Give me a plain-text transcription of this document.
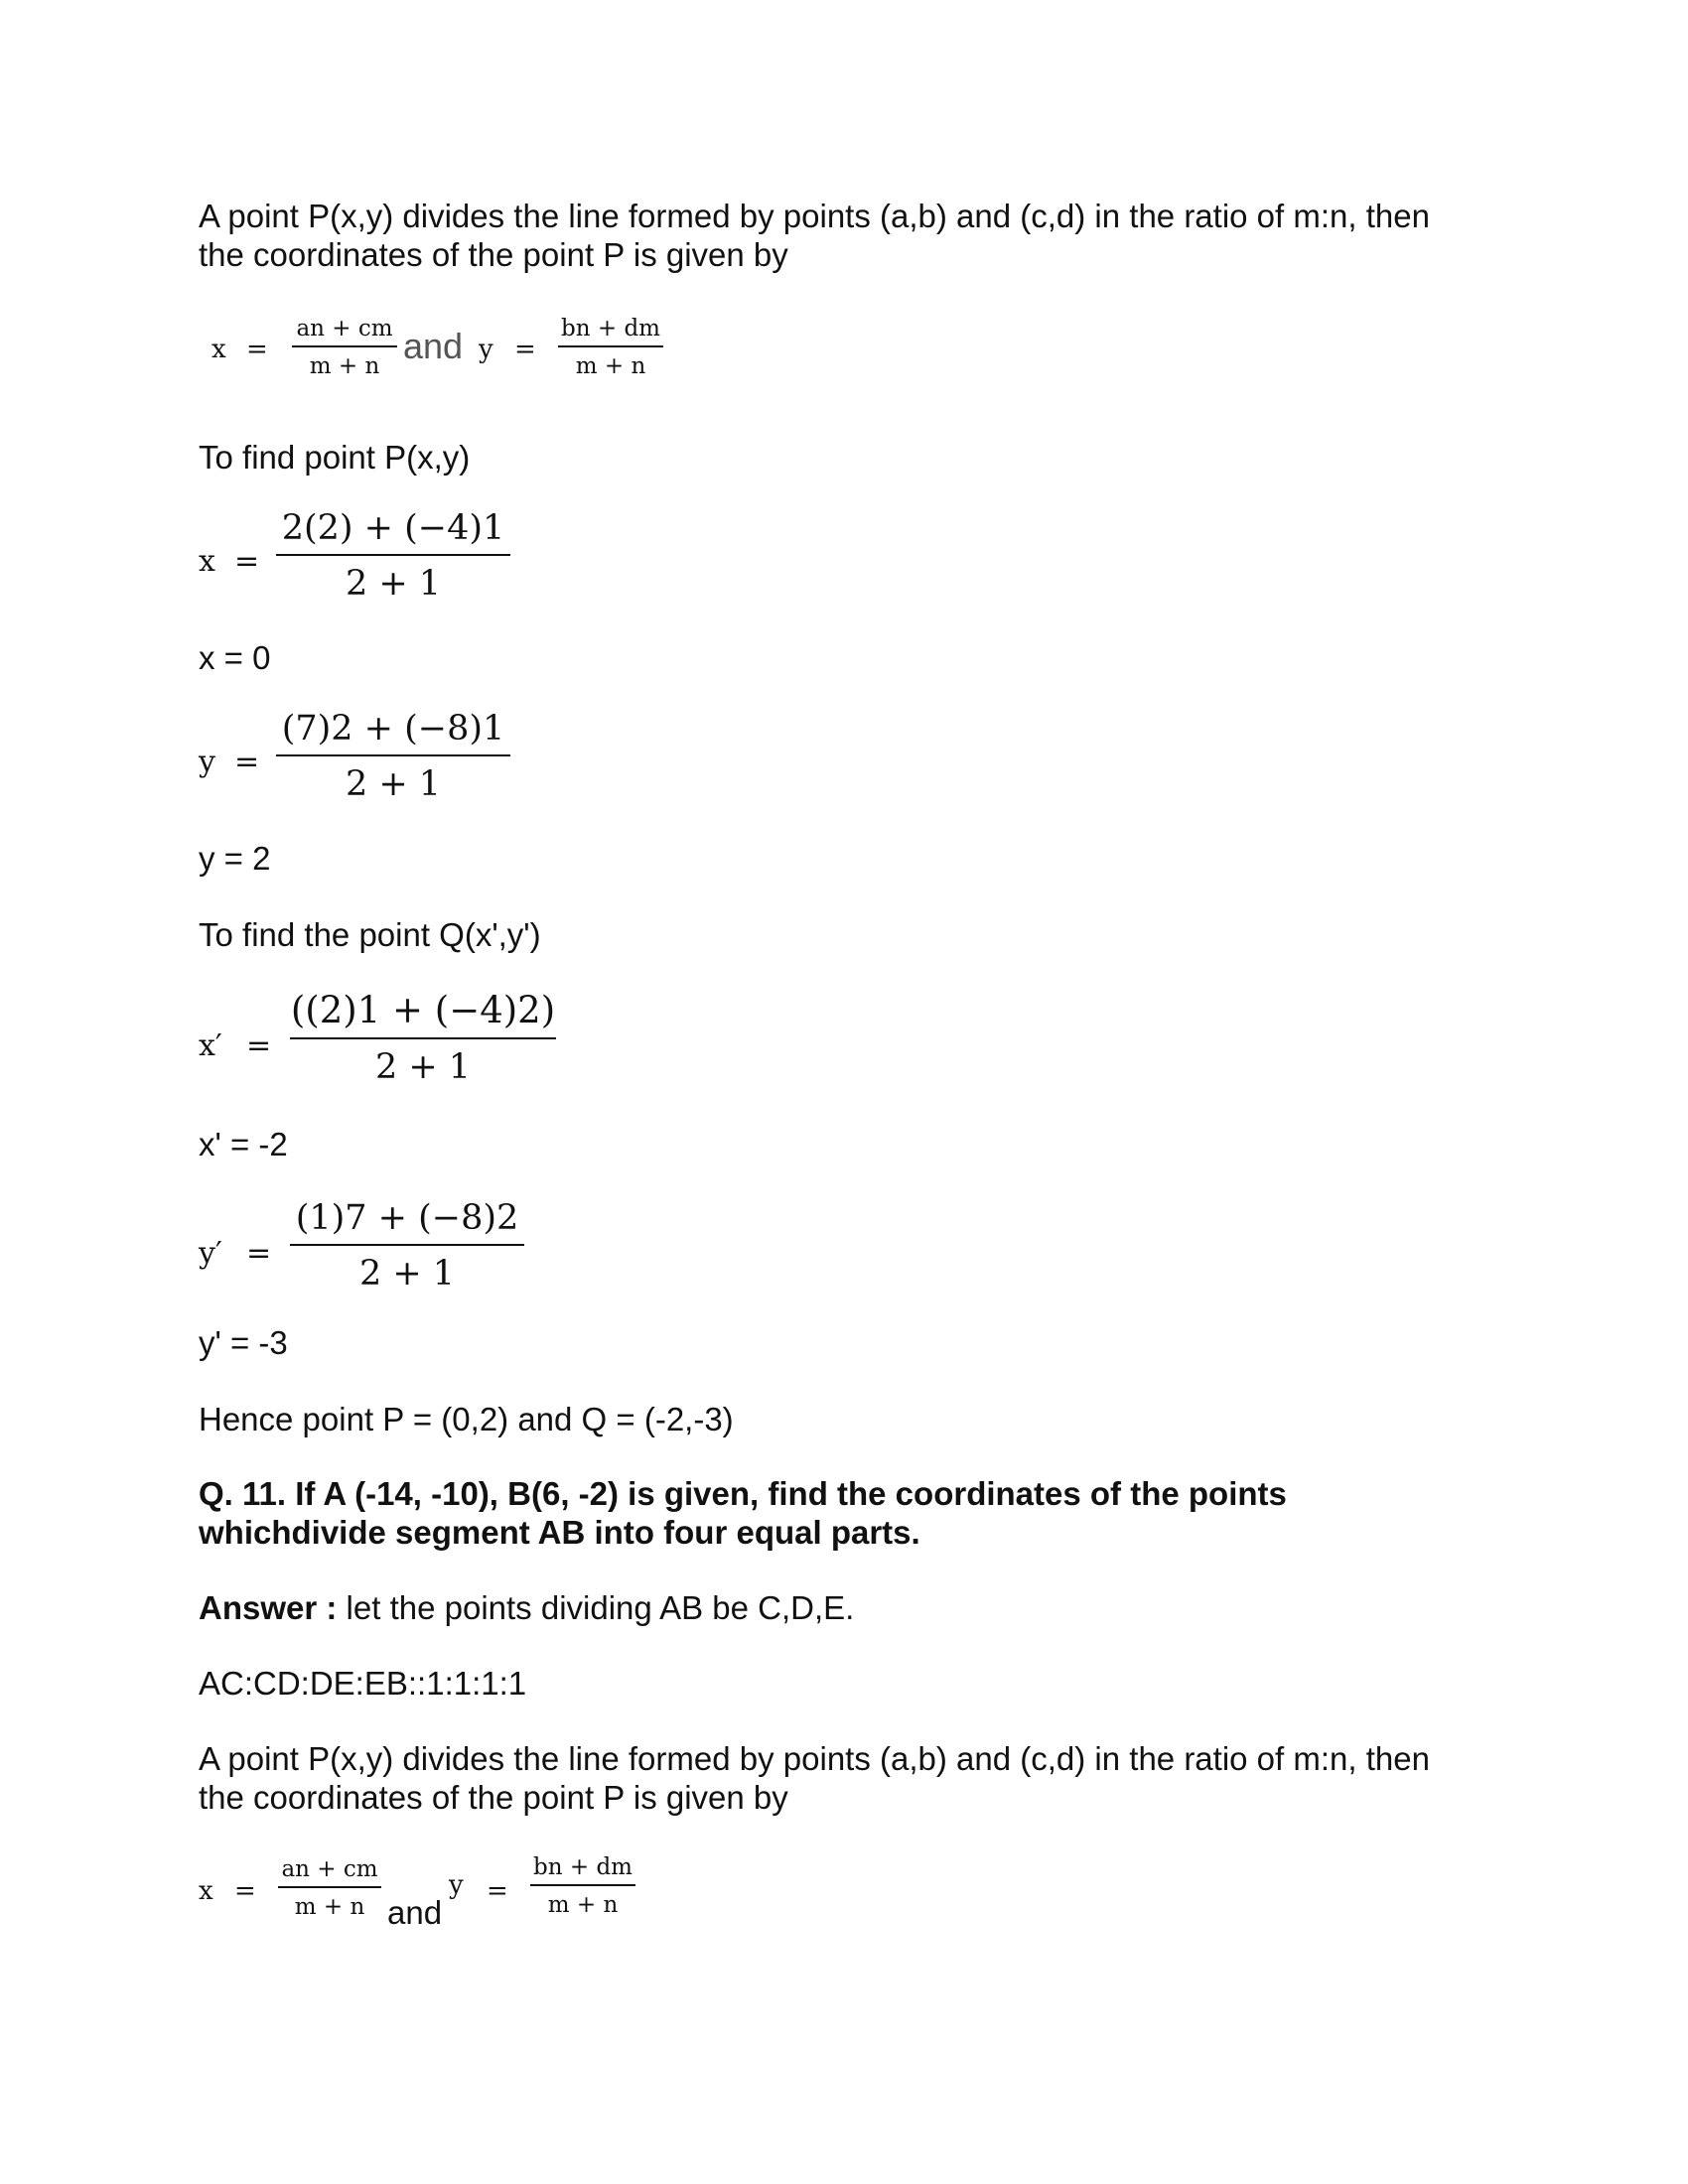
A point P(x,y) divides the line formed by points (a,b) and (c,d) in the ratio of m:n, then
the coordinates of the point P is given by
x =
an + cm
m + n and y =
bn + dm
m + n
To find point P(x,y)
x =
2(2) + (−4)1
2 + 1
x = 0
y =
(7)2 + (−8)1
2 + 1
y = 2
To find the point Q(x',y')
x′ =
((2)1 + (−4)2)
2 + 1
x' = -2
y′ =
(1)7 + (−8)2
2 + 1
y' = -3
Hence point P = (0,2) and Q = (-2,-3)
Q. 11. If A (-14, -10), B(6, -2) is given, find the coordinates of the points
whichdivide segment AB into four equal parts.
Answer : let the points dividing AB be C,D,E.
AC:CD:DE:EB::1:1:1:1
A point P(x,y) divides the line formed by points (a,b) and (c,d) in the ratio of m:n, then
the coordinates of the point P is given by
x =
an + cm
m + n and
y =
bn + dm
m + n
